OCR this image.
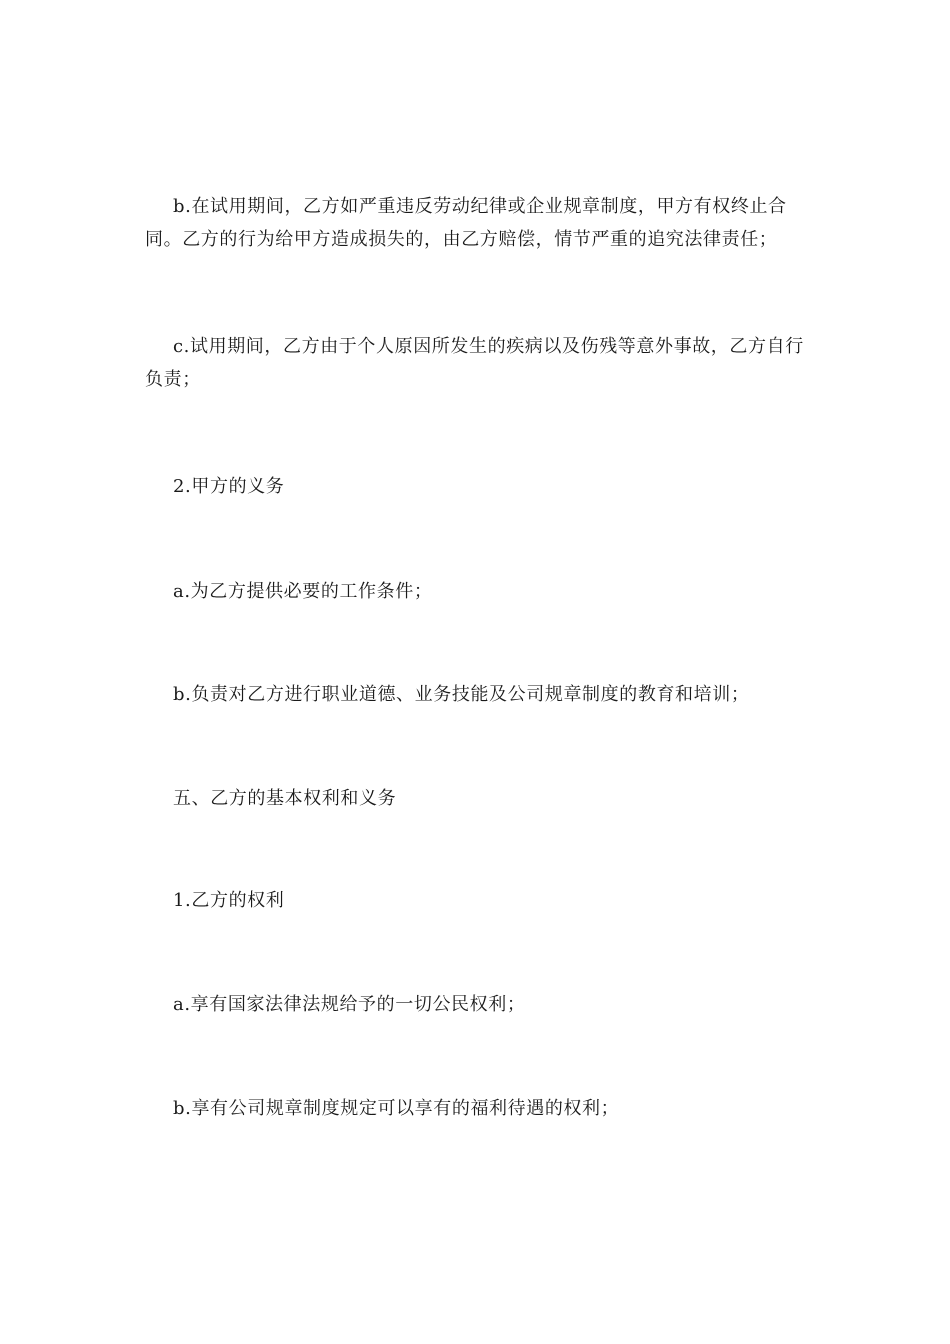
b.在试用期间，乙方如严重违反劳动纪律或企业规章制度，甲方有权终止合同。乙方的行为给甲方造成损失的，由乙方赔偿，情节严重的追究法律责任；

c.试用期间，乙方由于个人原因所发生的疾病以及伤残等意外事故，乙方自行负责；

2.甲方的义务

a.为乙方提供必要的工作条件；

b.负责对乙方进行职业道德、业务技能及公司规章制度的教育和培训；

五、乙方的基本权利和义务

1.乙方的权利

a.享有国家法律法规给予的一切公民权利；

b.享有公司规章制度规定可以享有的福利待遇的权利；
